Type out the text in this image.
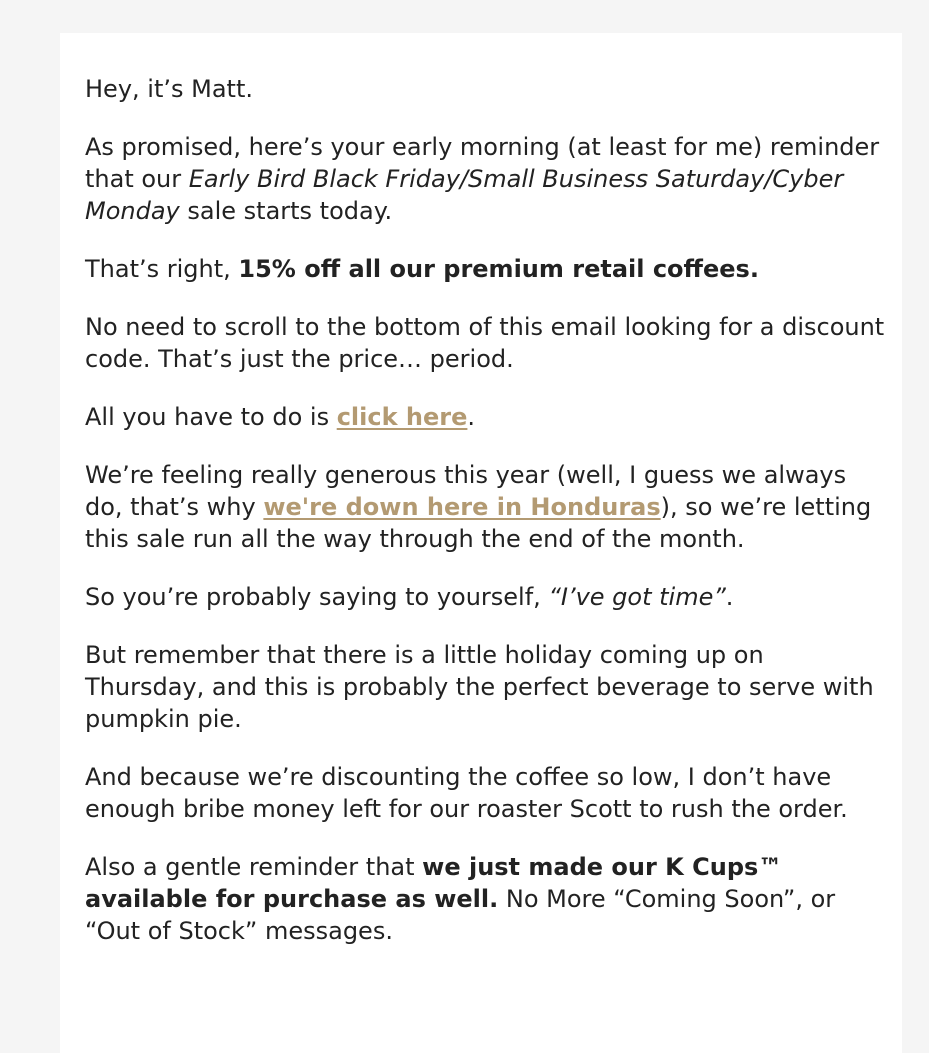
Hey, it’s Matt.

As promised, here’s your early morning (at least for me) reminder that our Early Bird Black Friday/Small Business Saturday/Cyber Monday sale starts today.

That’s right, 15% off all our premium retail coffees.

No need to scroll to the bottom of this email looking for a discount code. That’s just the price… period.

All you have to do is click here.

We’re feeling really generous this year (well, I guess we always do, that’s why we're down here in Honduras), so we’re letting this sale run all the way through the end of the month.

So you’re probably saying to yourself, “I’ve got time”.

But remember that there is a little holiday coming up on Thursday, and this is probably the perfect beverage to serve with pumpkin pie.

And because we’re discounting the coffee so low, I don’t have enough bribe money left for our roaster Scott to rush the order.

Also a gentle reminder that we just made our K Cups™ available for purchase as well. No More “Coming Soon”, or “Out of Stock” messages.
